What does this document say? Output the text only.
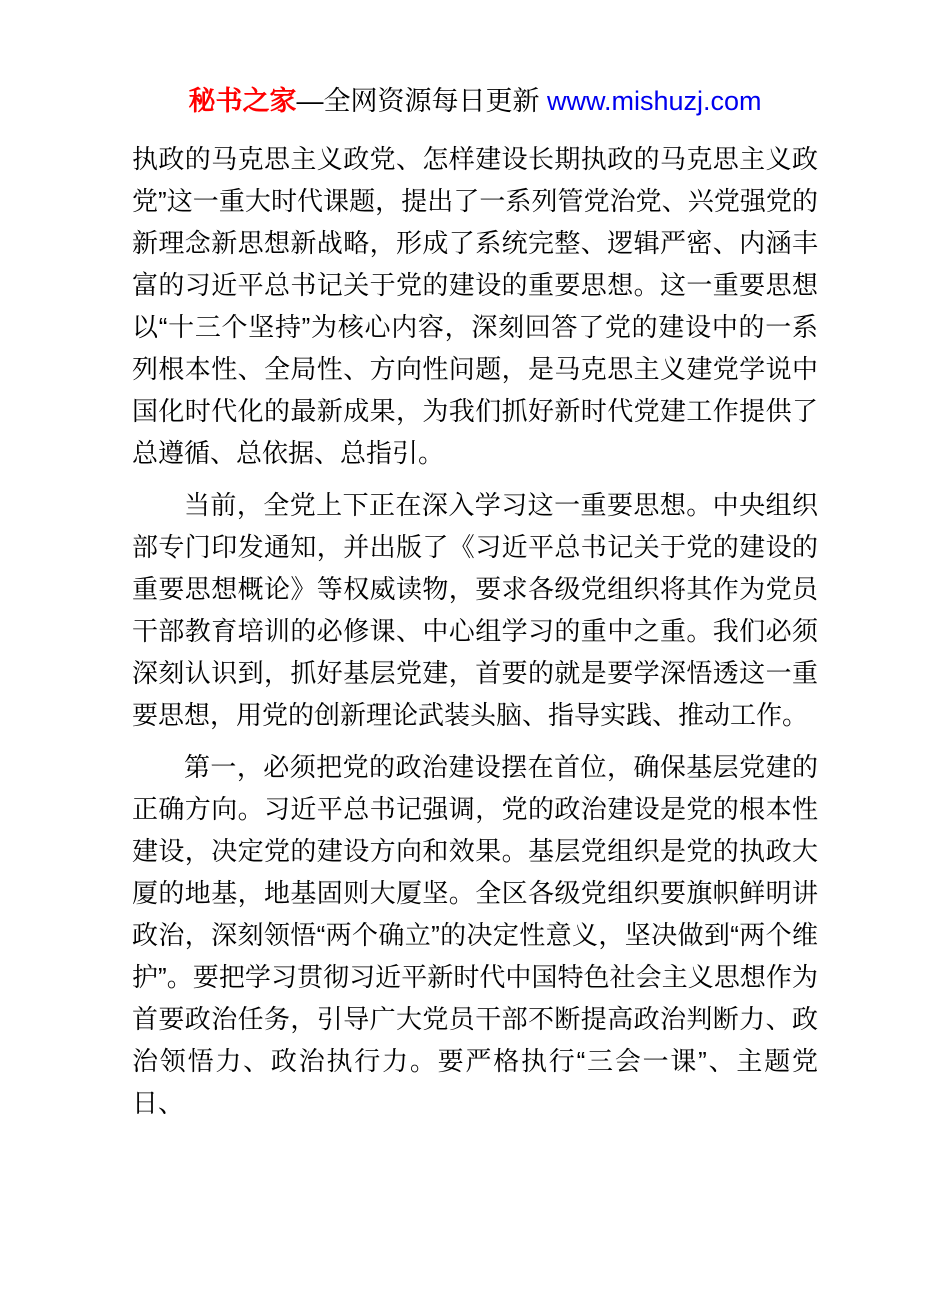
秘书之家—全网资源每日更新 www.mishuzj.com

执政的马克思主义政党、怎样建设长期执政的马克思主义政党”这一重大时代课题，提出了一系列管党治党、兴党强党的新理念新思想新战略，形成了系统完整、逻辑严密、内涵丰富的习近平总书记关于党的建设的重要思想。这一重要思想以“十三个坚持”为核心内容，深刻回答了党的建设中的一系列根本性、全局性、方向性问题，是马克思主义建党学说中国化时代化的最新成果，为我们抓好新时代党建工作提供了总遵循、总依据、总指引。

当前，全党上下正在深入学习这一重要思想。中央组织部专门印发通知，并出版了《习近平总书记关于党的建设的重要思想概论》等权威读物，要求各级党组织将其作为党员干部教育培训的必修课、中心组学习的重中之重。我们必须深刻认识到，抓好基层党建，首要的就是要学深悟透这一重要思想，用党的创新理论武装头脑、指导实践、推动工作。

第一，必须把党的政治建设摆在首位，确保基层党建的正确方向。习近平总书记强调，党的政治建设是党的根本性建设，决定党的建设方向和效果。基层党组织是党的执政大厦的地基，地基固则大厦坚。全区各级党组织要旗帜鲜明讲政治，深刻领悟“两个确立”的决定性意义，坚决做到“两个维护”。要把学习贯彻习近平新时代中国特色社会主义思想作为首要政治任务，引导广大党员干部不断提高政治判断力、政治领悟力、政治执行力。要严格执行“三会一课”、主题党日、
